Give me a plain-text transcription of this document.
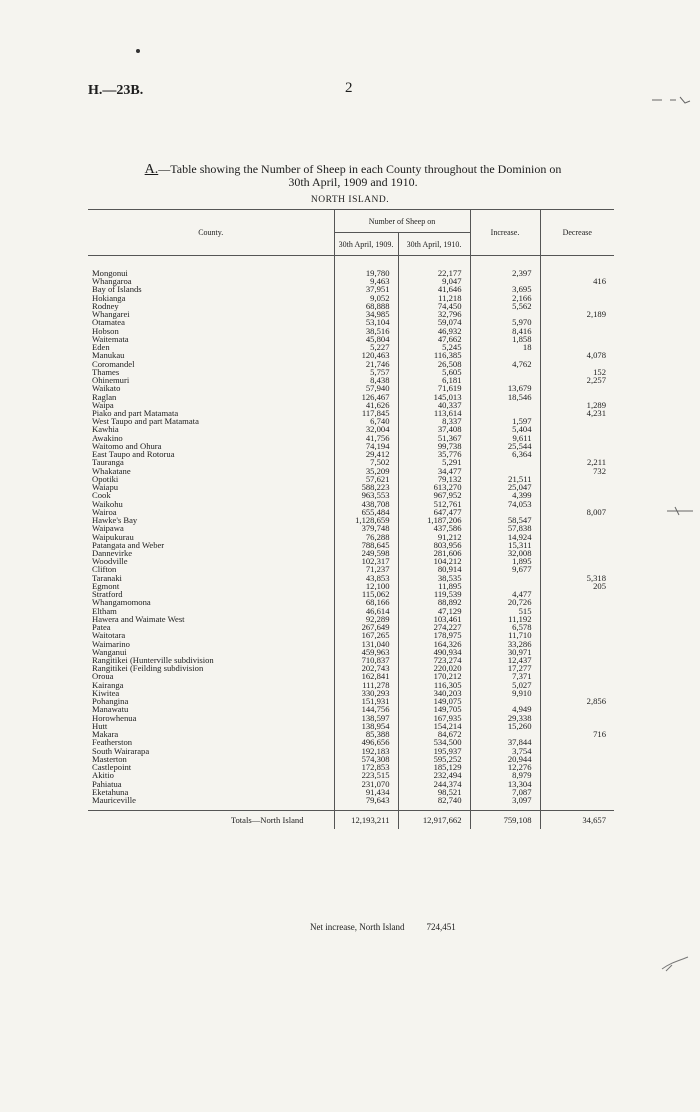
H.—23B.	2
A.—Table showing the Number of Sheep in each County throughout the Dominion on
30th April, 1909 and 1910.
NORTH ISLAND.
County.	Number of Sheep on		Increase.	Decrease
	30th April, 1909.	30th April, 1910.		

Mongonui	19,780	22,177	2,397	
Whangaroa	9,463	9,047		416
Bay of Islands	37,951	41,646	3,695	
Hokianga	9,052	11,218	2,166	
Rodney	68,888	74,450	5,562	
Whangarei	34,985	32,796		2,189
Otamatea	53,104	59,074	5,970	
Hobson	38,516	46,932	8,416	
Waitemata	45,804	47,662	1,858	
Eden	5,227	5,245	18	
Manukau	120,463	116,385		4,078
Coromandel	21,746	26,508	4,762	
Thames	5,757	5,605		152
Ohinemuri	8,438	6,181		2,257
Waikato	57,940	71,619	13,679	
Raglan	126,467	145,013	18,546	
Waipa	41,626	40,337		1,289
Piako and part Matamata	117,845	113,614		4,231
West Taupo and part Matamata	6,740	8,337	1,597	
Kawhia	32,004	37,408	5,404	
Awakino	41,756	51,367	9,611	
Waitomo and Ohura	74,194	99,738	25,544	
East Taupo and Rotorua	29,412	35,776	6,364	
Tauranga	7,502	5,291		2,211
Whakatane	35,209	34,477		732
Opotiki	57,621	79,132	21,511	
Waiapu	588,223	613,270	25,047	
Cook	963,553	967,952	4,399	
Waikohu	438,708	512,761	74,053	
Wairoa	655,484	647,477		8,007
Hawke's Bay	1,128,659	1,187,206	58,547	
Waipawa	379,748	437,586	57,838	
Waipukurau	76,288	91,212	14,924	
Patangata and Weber	788,645	803,956	15,311	
Dannevirke	249,598	281,606	32,008	
Woodville	102,317	104,212	1,895	
Clifton	71,237	80,914	9,677	
Taranaki	43,853	38,535		5,318
Egmont	12,100	11,895		205
Stratford	115,062	119,539	4,477	
Whangamomona	68,166	88,892	20,726	
Eltham	46,614	47,129	515	
Hawera and Waimate West	92,289	103,461	11,192	
Patea	267,649	274,227	6,578	
Waitotara	167,265	178,975	11,710	
Waimarino	131,040	164,326	33,286	
Wanganui	459,963	490,934	30,971	
Rangitikei (Hunterville subdivision	710,837	723,274	12,437	
Rangitikei (Feilding subdivision	202,743	220,020	17,277	
Oroua	162,841	170,212	7,371	
Kairanga	111,278	116,305	5,027	
Kiwitea	330,293	340,203	9,910	
Pohangina	151,931	149,075		2,856
Manawatu	144,756	149,705	4,949	
Horowhenua	138,597	167,935	29,338	
Hutt	138,954	154,214	15,260	
Makara	85,388	84,672		716
Featherston	496,656	534,500	37,844	
South Wairarapa	192,183	195,937	3,754	
Masterton	574,308	595,252	20,944	
Castlepoint	172,853	185,129	12,276	
Akitio	223,515	232,494	8,979	
Pahiatua	231,070	244,374	13,304	
Eketahuna	91,434	98,521	7,087	
Mauriceville	79,643	82,740	3,097	

Totals—North Island	12,193,211	12,917,662	759,108	34,657
Net increase, North Island 724,451
